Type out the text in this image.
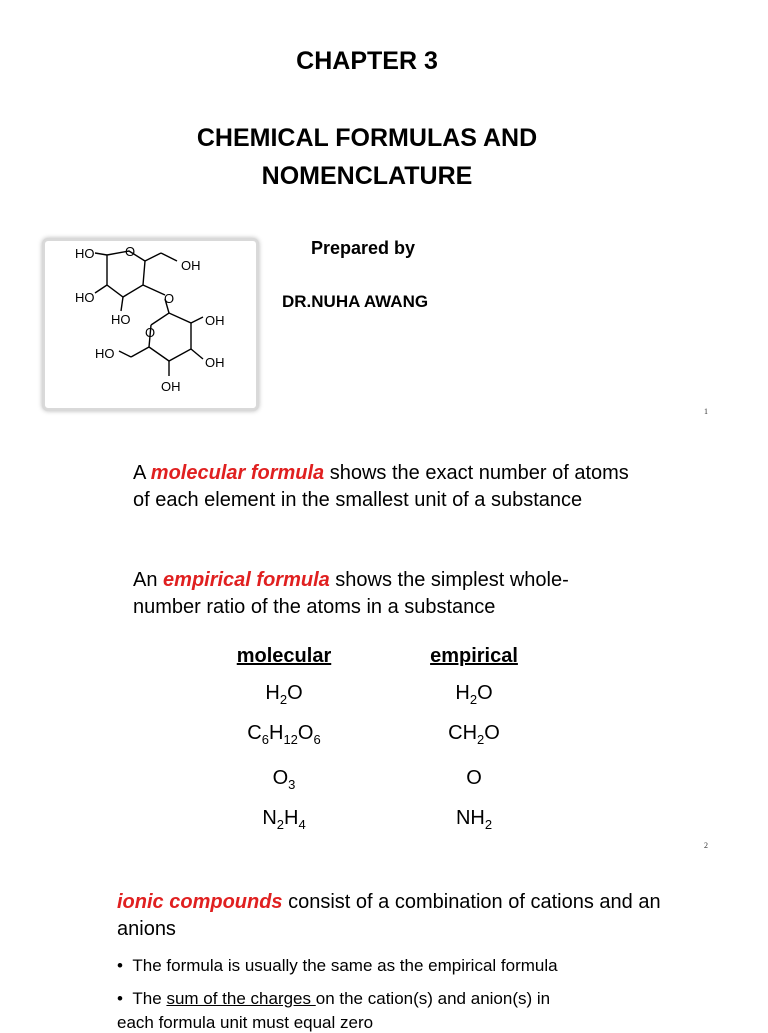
CHAPTER 3
CHEMICAL FORMULAS AND
NOMENCLATURE
HO O
OH
HO	O
HO	OH
O
HO
OH
OH
Prepared by
DR.NUHA AWANG
1
A molecular formula shows the exact number of atoms of each element in the smallest unit of a substance
An empirical formula shows the simplest whole-number ratio of the atoms in a substance
molecular	empirical
$H_2O$	$H_2O$
$C_6H_{12}O_6$	$CH_2O$
$O_3$	O
$N_2H_4$	$NH_2$
2
ionic compounds consist of a combination of cations and an anions
•  The formula is usually the same as the empirical formula
•  The sum of the charges on the cation(s) and anion(s) in
each formula unit must equal zero
